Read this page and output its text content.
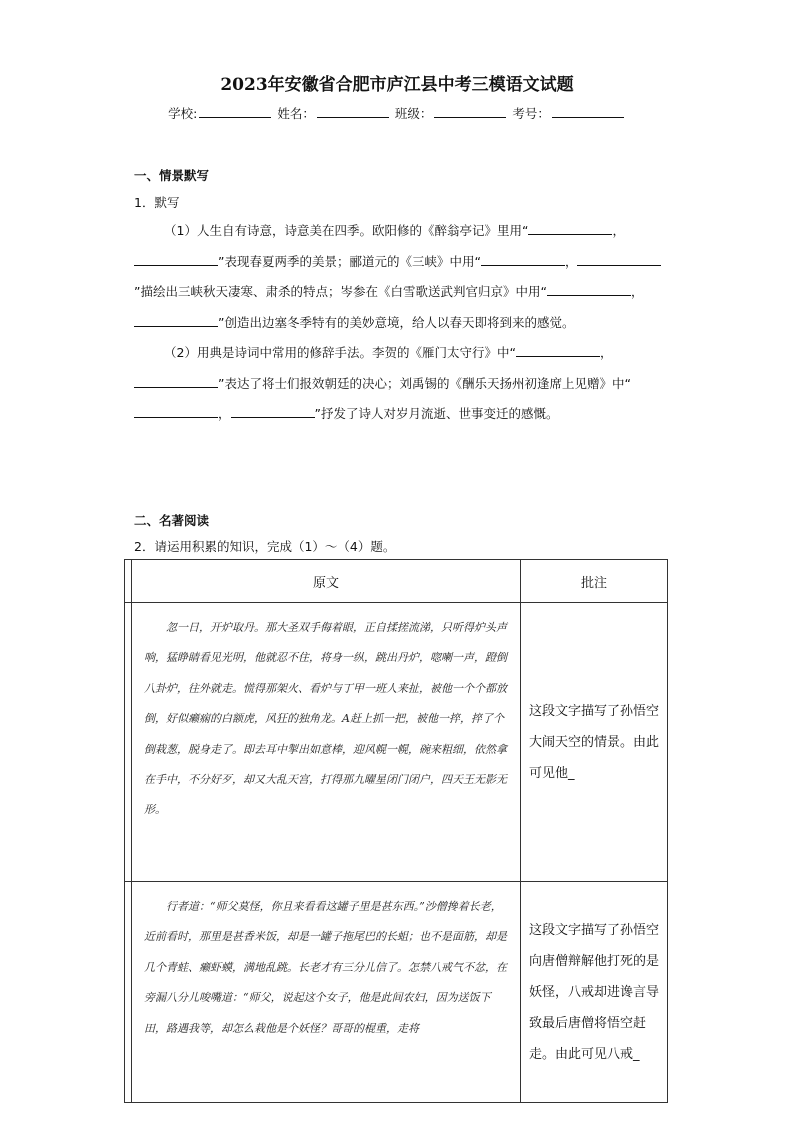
2023年安徽省合肥市庐江县中考三模语文试题
学校:	姓名：	班级：	考号：
一、情景默写
1．默写

（1）人生自有诗意，诗意美在四季。欧阳修的《醉翁亭记》里用“	，”表现春夏两季的美景；郦道元的《三峡》中用“	，”描绘出三峡秋天凄寒、肃杀的特点；岑参在《白雪歌送武判官归京》中用“	，”创造出边塞冬季特有的美妙意境，给人以春天即将到来的感觉。

（2）用典是诗词中常用的修辞手法。李贺的《雁门太守行》中“	，”表达了将士们报效朝廷的决心；刘禹锡的《酬乐天扬州初逢席上见赠》中“，	”抒发了诗人对岁月流逝、世事变迁的感慨。

二、名著阅读
2．请运用积累的知识，完成（1）～（4）题。
	原文	批注
	忽一日，开炉取丹。那大圣双手侮着眼，正自揉搓流涕，只听得炉头声响，猛睁睛看见光明，他就忍不住，将身一纵，跳出丹炉，唿喇一声，蹬倒八卦炉，往外就走。慌得那架火、看炉与丁甲一班人来扯，被他一个个都放倒，好似癞痫的白额虎，风狂的独角龙。A赶上抓一把，被他一捽，捽了个倒栽葱，脱身走了。即去耳中掣出如意棒，迎风幌一幌，碗来粗细，依然拿在手中，不分好歹，却又大乱天宫，打得那九曜星闭门闭户，四天王无影无形。	这段文字描写了孙悟空大闹天空的情景。由此可见他_
	行者道：“师父莫怪，你且来看看这罐子里是甚东西。”沙僧搀着长老，近前看时，那里是甚香米饭，却是一罐子拖尾巴的长蛆；也不是面筋，却是几个青蛙、癞虾蟆，满地乱跳。长老才有三分儿信了。怎禁八戒气不忿，在旁漏八分儿唆嘴道：“师父，说起这个女子，他是此间农妇，因为送饭下田，路遇我等，却怎么栽他是个妖怪？哥哥的棍重，走将	这段文字描写了孙悟空向唐僧辩解他打死的是妖怪，八戒却进谗言导致最后唐僧将悟空赶走。由此可见八戒_
